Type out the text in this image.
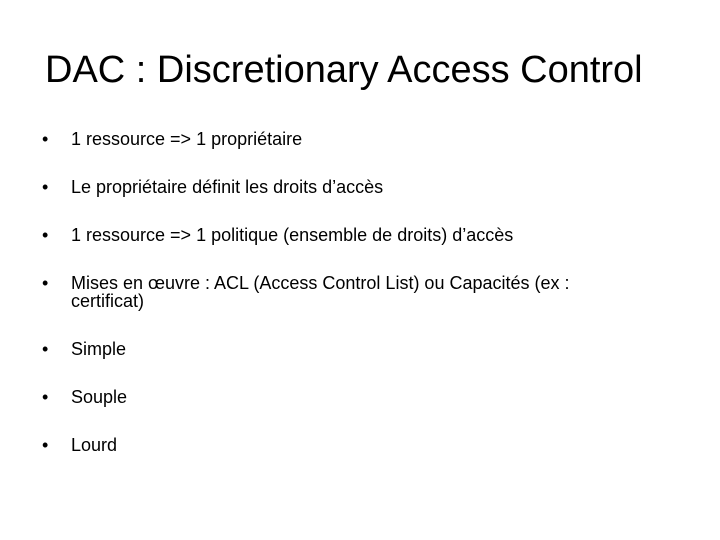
DAC : Discretionary Access Control
•	1 ressource => 1 propriétaire
•	Le propriétaire définit les droits d’accès
•	1 ressource => 1 politique (ensemble de droits) d’accès
•	Mises en œuvre : ACL (Access Control List) ou Capacités (ex : certificat)
•	Simple
•	Souple
•	Lourd
